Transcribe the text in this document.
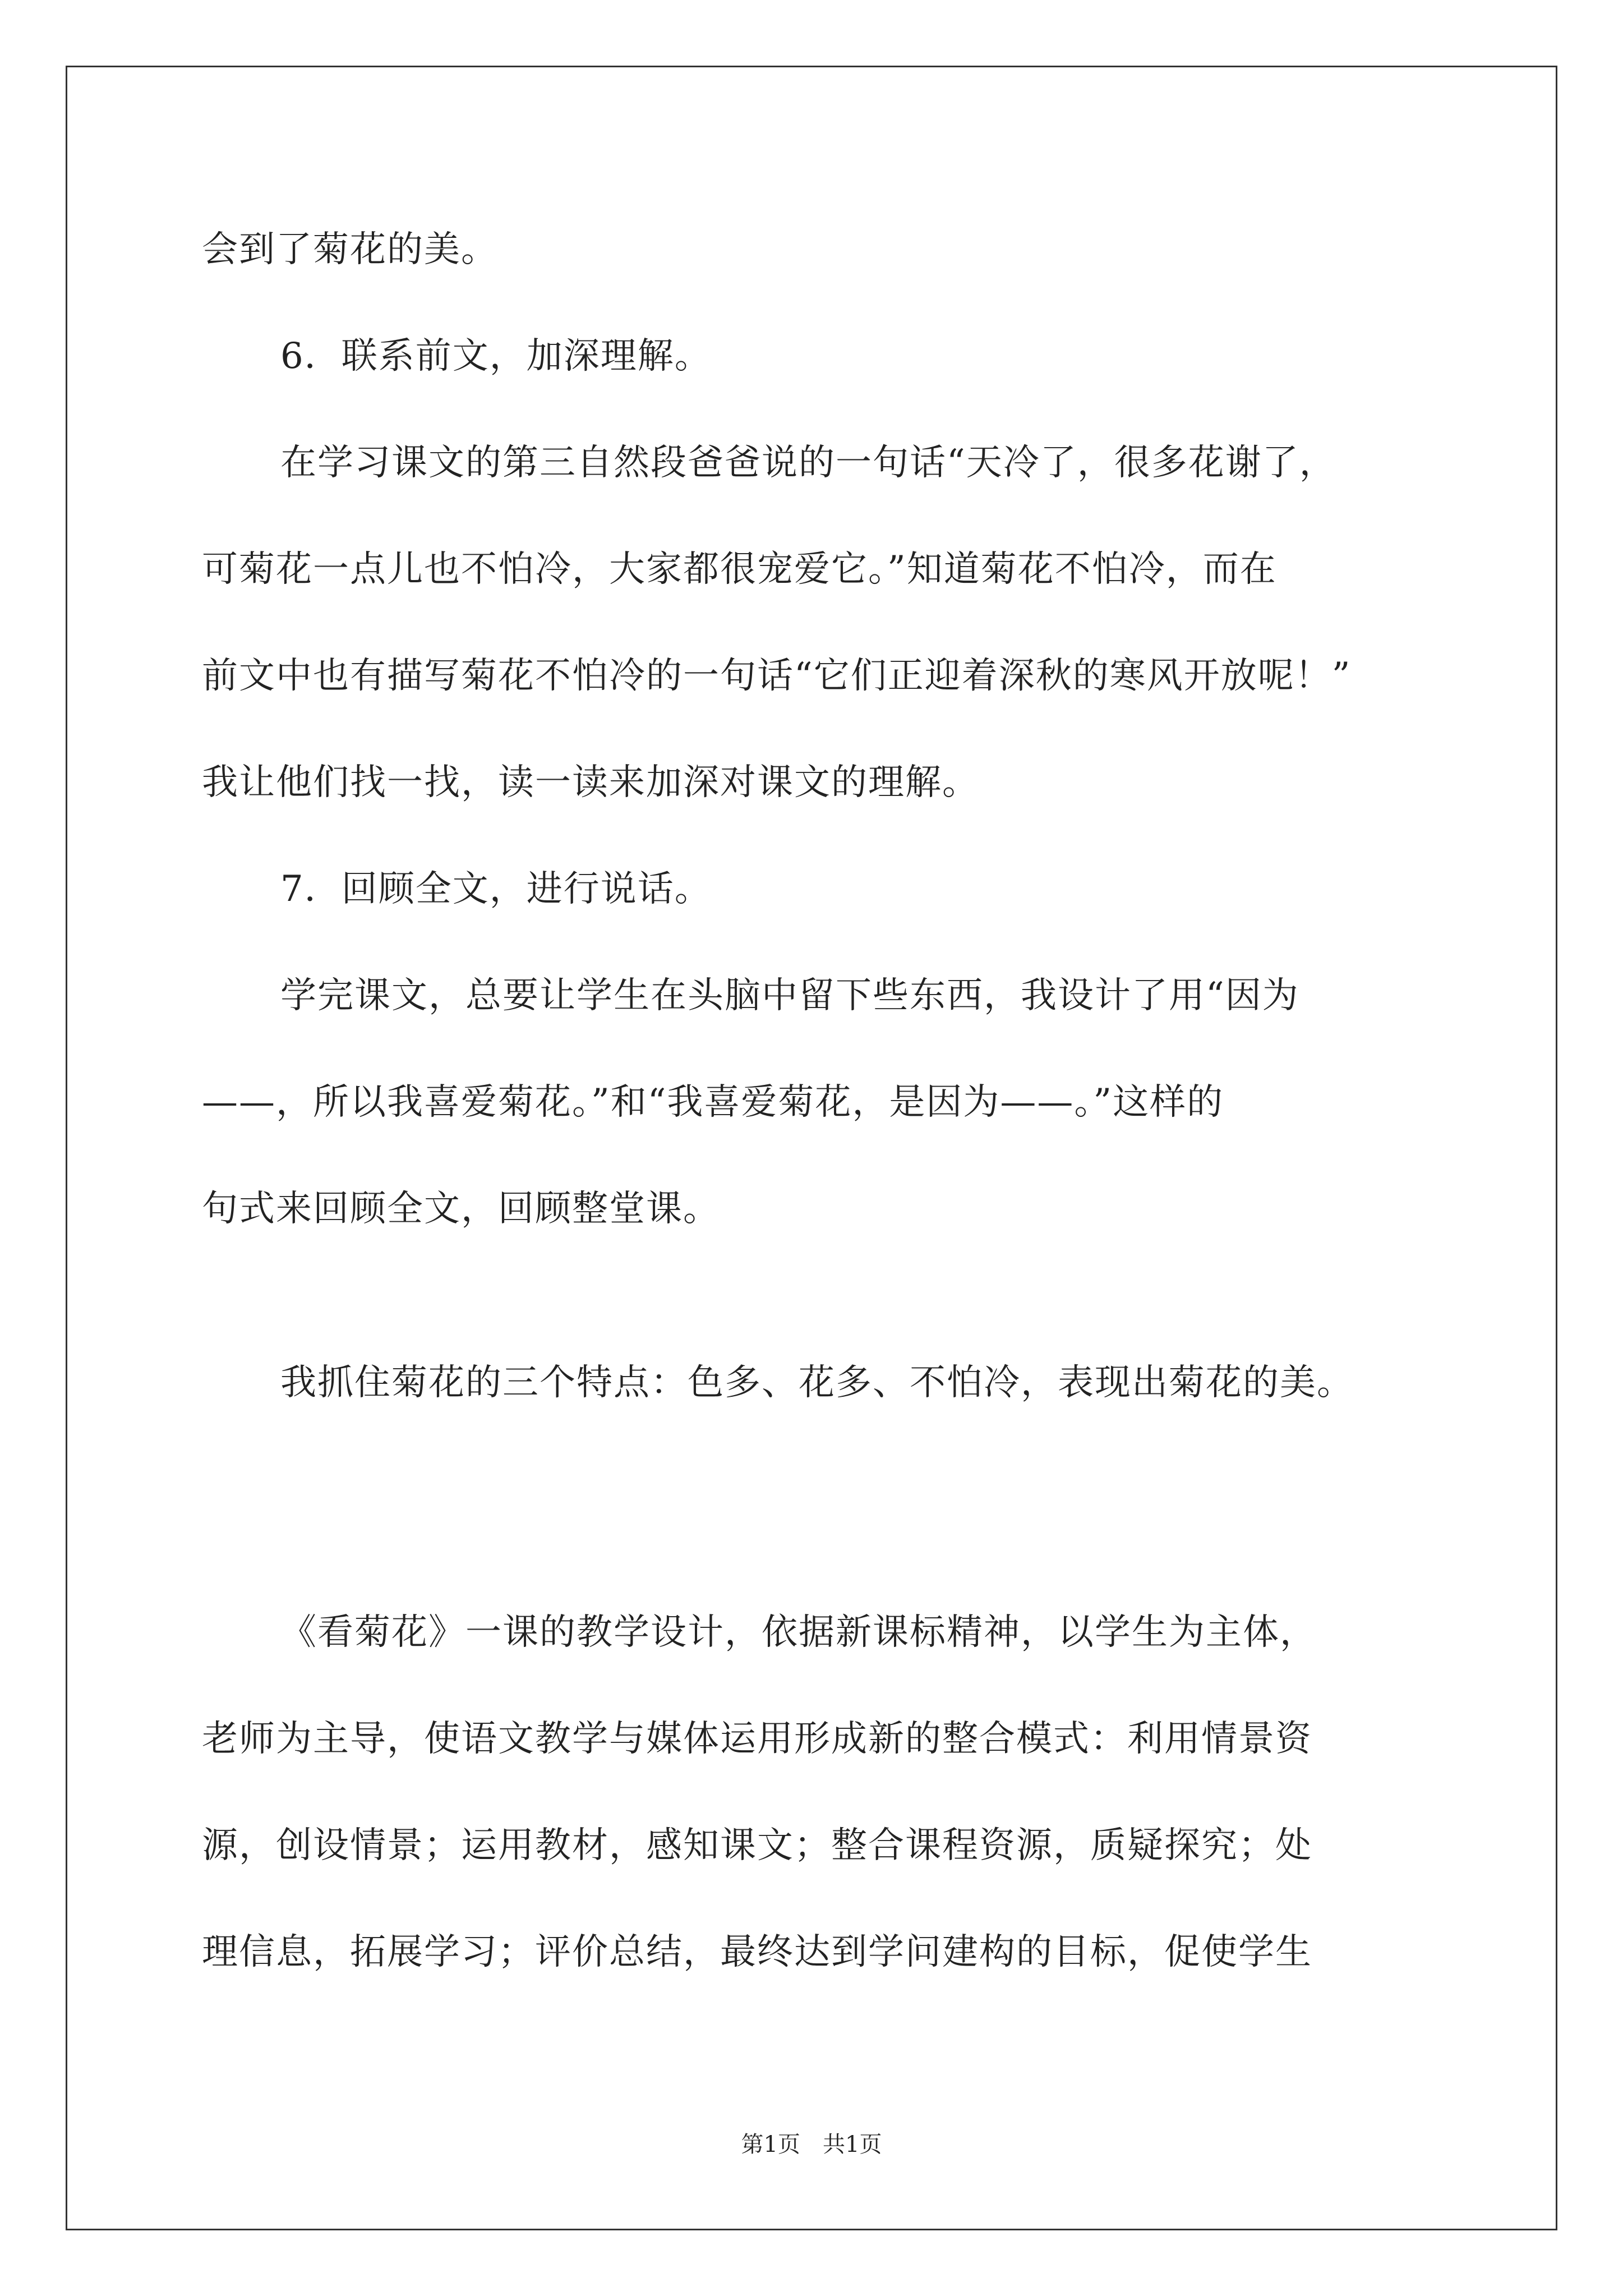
会到了菊花的美。

6．联系前文，加深理解。

在学习课文的第三自然段爸爸说的一句话“天冷了，很多花谢了，

可菊花一点儿也不怕冷，大家都很宠爱它。”知道菊花不怕冷，而在

前文中也有描写菊花不怕冷的一句话“它们正迎着深秋的寒风开放呢！”

我让他们找一找，读一读来加深对课文的理解。

7．回顾全文，进行说话。

学完课文，总要让学生在头脑中留下些东西，我设计了用“因为

——，所以我喜爱菊花。”和“我喜爱菊花，是因为——。”这样的

句式来回顾全文，回顾整堂课。

我抓住菊花的三个特点：色多、花多、不怕冷，表现出菊花的美。

《看菊花》一课的教学设计，依据新课标精神，以学生为主体，

老师为主导，使语文教学与媒体运用形成新的整合模式：利用情景资

源，创设情景；运用教材，感知课文；整合课程资源，质疑探究；处

理信息，拓展学习；评价总结，最终达到学问建构的目标，促使学生

第1页　共1页
